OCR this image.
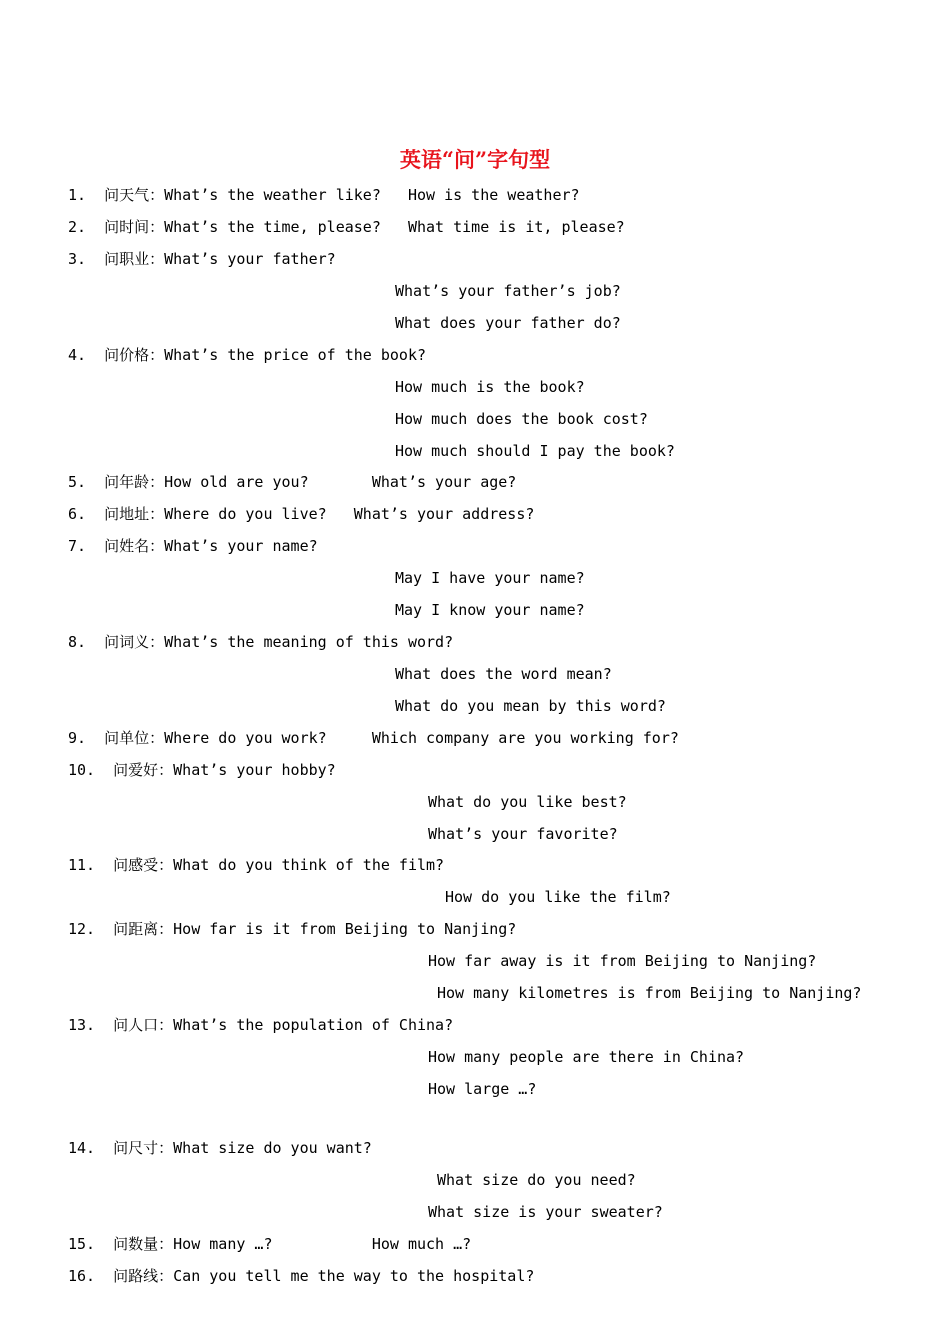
英语“问”字句型
1.  问天气：What’s the weather like?   How is the weather?
2.  问时间：What’s the time, please?   What time is it, please?
3.  问职业：What’s your father?
What’s your father’s job?
What does your father do?
4.  问价格：What’s the price of the book?
How much is the book?
How much does the book cost?
How much should I pay the book?
5.  问年龄：How old are you?       What’s your age?
6.  问地址：Where do you live?   What’s your address?
7.  问姓名：What’s your name?
May I have your name?
May I know your name?
8.  问词义：What’s the meaning of this word?
What does the word mean?
What do you mean by this word?
9.  问单位：Where do you work?     Which company are you working for?
10.  问爱好：What’s your hobby?
What do you like best?
What’s your favorite?
11.  问感受：What do you think of the film?
How do you like the film?
12.  问距离：How far is it from Beijing to Nanjing?
How far away is it from Beijing to Nanjing?
How many kilometres is from Beijing to Nanjing?
13.  问人口：What’s the population of China?
How many people are there in China?
How large …?
14.  问尺寸：What size do you want?
What size do you need?
What size is your sweater?
15.  问数量：How many …?           How much …?
16.  问路线：Can you tell me the way to the hospital?
